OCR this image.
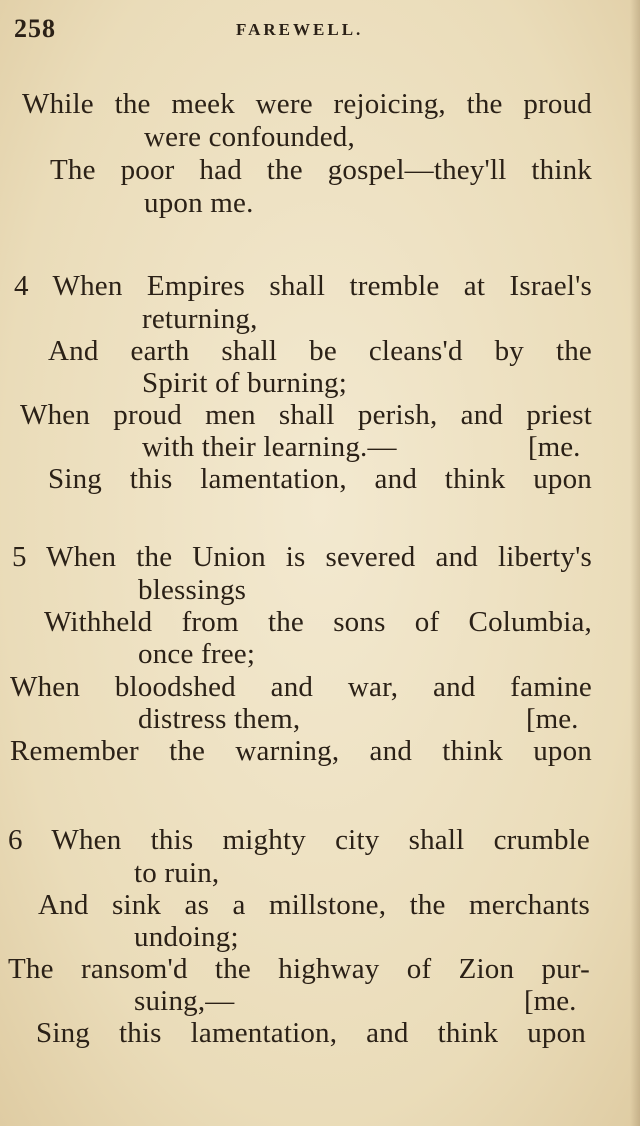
258	FAREWELL.
While the meek were rejoicing, the proud
were confounded,
The poor had the gospel—they'll think
upon me.
4 When Empires shall tremble at Israel's
returning,
And earth shall be cleans'd by the
Spirit of burning;
When proud men shall perish, and priest
with their learning.—	[me.
Sing this lamentation, and think upon
5 When the Union is severed and liberty's
blessings
Withheld from the sons of Columbia,
once free;
When bloodshed and war, and famine
distress them,	[me.
Remember the warning, and think upon
6 When this mighty city shall crumble
to ruin,
And sink as a millstone, the merchants
undoing;
The ransom'd the highway of Zion pur-
suing,—	[me.
Sing this lamentation, and think upon
